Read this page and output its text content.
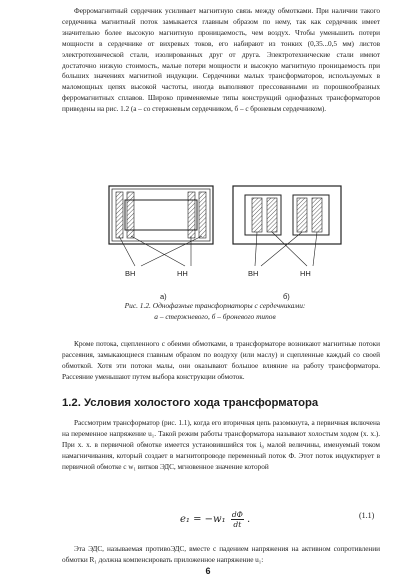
Ферромагнитный сердечник усиливает магнитную связь между обмотками. При наличии такого сердечника магнитный поток замыкается главным образом по нему, так как сердечник имеет значительно более высокую магнитную проницаемость, чем воздух. Чтобы уменьшить потери мощности в сердечнике от вихревых токов, его набирают из тонких (0,35...0,5 мм) листов электротехнической стали, изолированных друг от друга. Электротехнические стали имеют достаточно низкую стоимость, малые потери мощности и высокую магнитную проницаемость при больших значениях магнитной индукции. Сердечники малых трансформаторов, используемых в маломощных цепях высокой частоты, иногда выполняют прессованными из порошкообразных ферромагнитных сплавов. Широко применяемые типы конструкций однофазных трансформаторов приведены на рис. 1.2 (а – со стержневым сердечником, б – с броневым сердечником).

ВН	НН
а)
ВН	НН
б)
Рис. 1.2. Однофазные трансформаторы с сердечниками:
а – стержневого, б – броневого типов

Кроме потока, сцепленного с обеими обмотками, в трансформаторе возникают магнитные потоки рассеяния, замыкающиеся главным образом по воздуху (или маслу) и сцепленные каждый со своей обмоткой. Хотя эти потоки малы, они оказывают большое влияние на работу трансформатора. Рассеяние уменьшают путем выбора конструкции обмоток.

1.2. Условия холостого хода трансформатора

Рассмотрим трансформатор (рис. 1.1), когда его вторичная цепь разомкнута, а первичная включена на переменное напряжение u₁. Такой режим работы трансформатора называют холостым ходом (х. х.). При х. х. в первичной обмотке имеется установившийся ток i₀ малой величины, именуемый током намагничивания, который создает в магнитопроводе переменный поток Ф. Этот поток индуктирует в первичной обмотке с w₁ витков ЭДС, мгновенное значение которой

e₁ = −w₁ dФ
dt .	(1.1)

Эта ЭДС, называемая противоЭДС, вместе с падением напряжения на активном сопротивлении обмотки R₁ должна компенсировать приложенное напряжение u₁:

6
